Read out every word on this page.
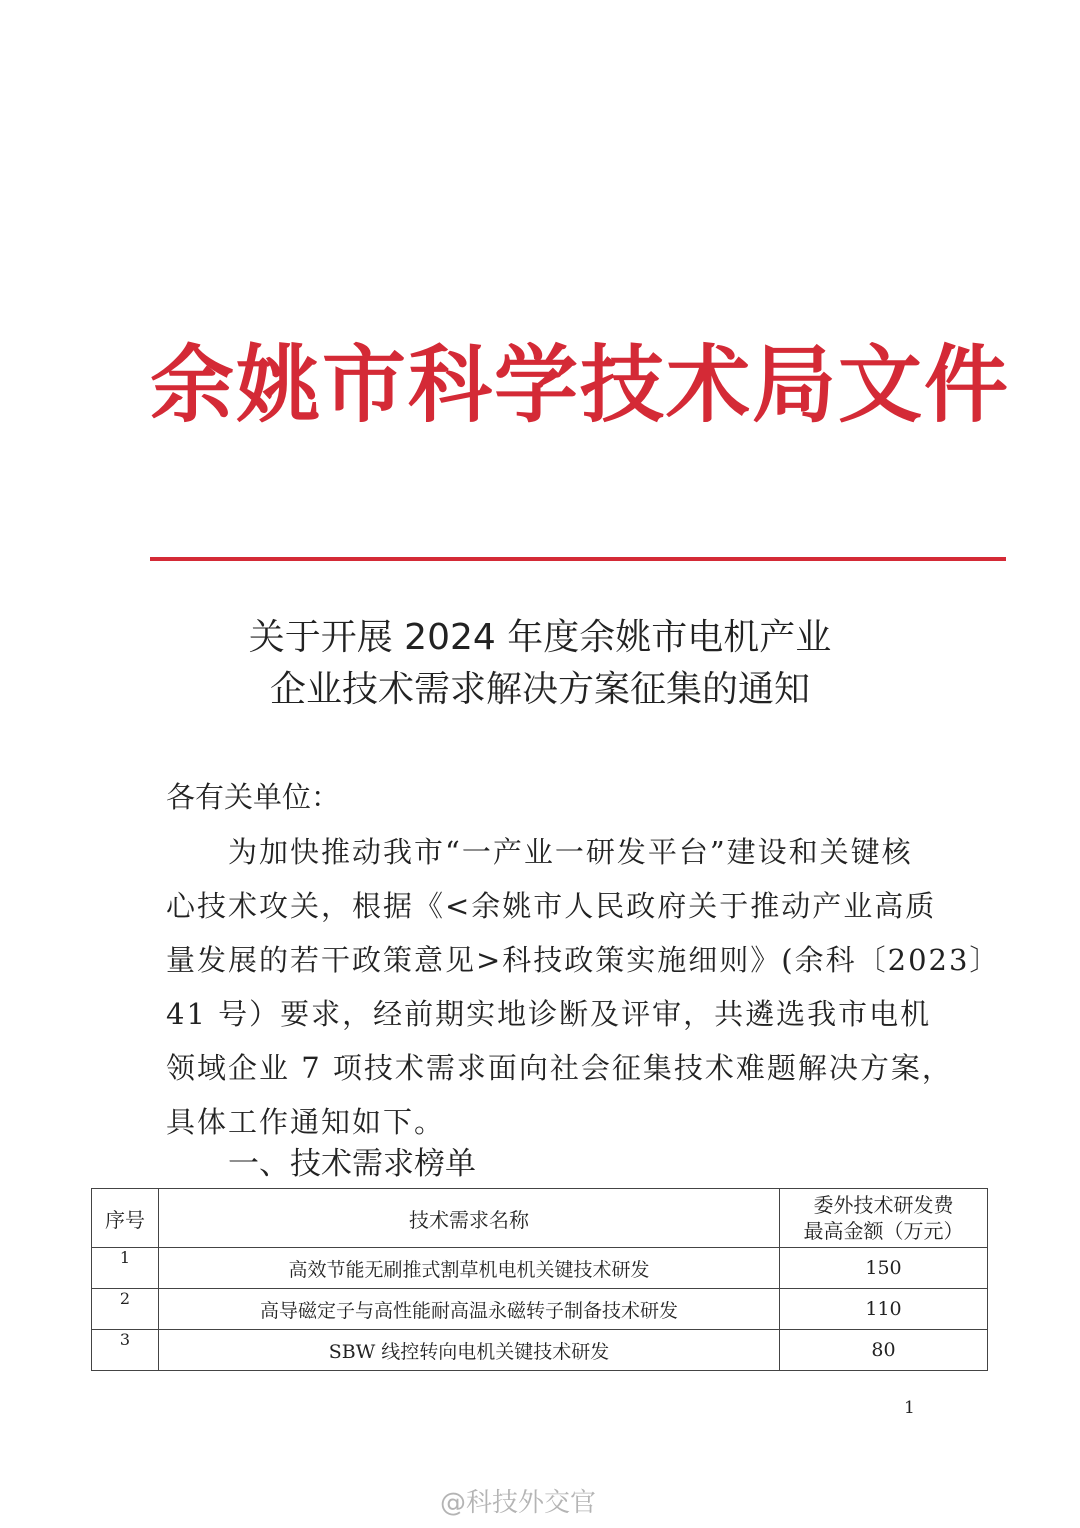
余姚市科学技术局文件
关于开展 2024 年度余姚市电机产业
企业技术需求解决方案征集的通知
各有关单位：
为加快推动我市“一产业一研发平台”建设和关键核
心技术攻关，根据《<余姚市人民政府关于推动产业高质
量发展的若干政策意见>科技政策实施细则》(余科〔2023〕
41 号）要求，经前期实地诊断及评审，共遴选我市电机
领域企业 7 项技术需求面向社会征集技术难题解决方案，
具体工作通知如下。
一、技术需求榜单
序号	技术需求名称	委外技术研发费
最高金额（万元）

1	高效节能无刷推式割草机电机关键技术研发	150
2	高导磁定子与高性能耐高温永磁转子制备技术研发	110
3	SBW 线控转向电机关键技术研发	80
1
@科技外交官
